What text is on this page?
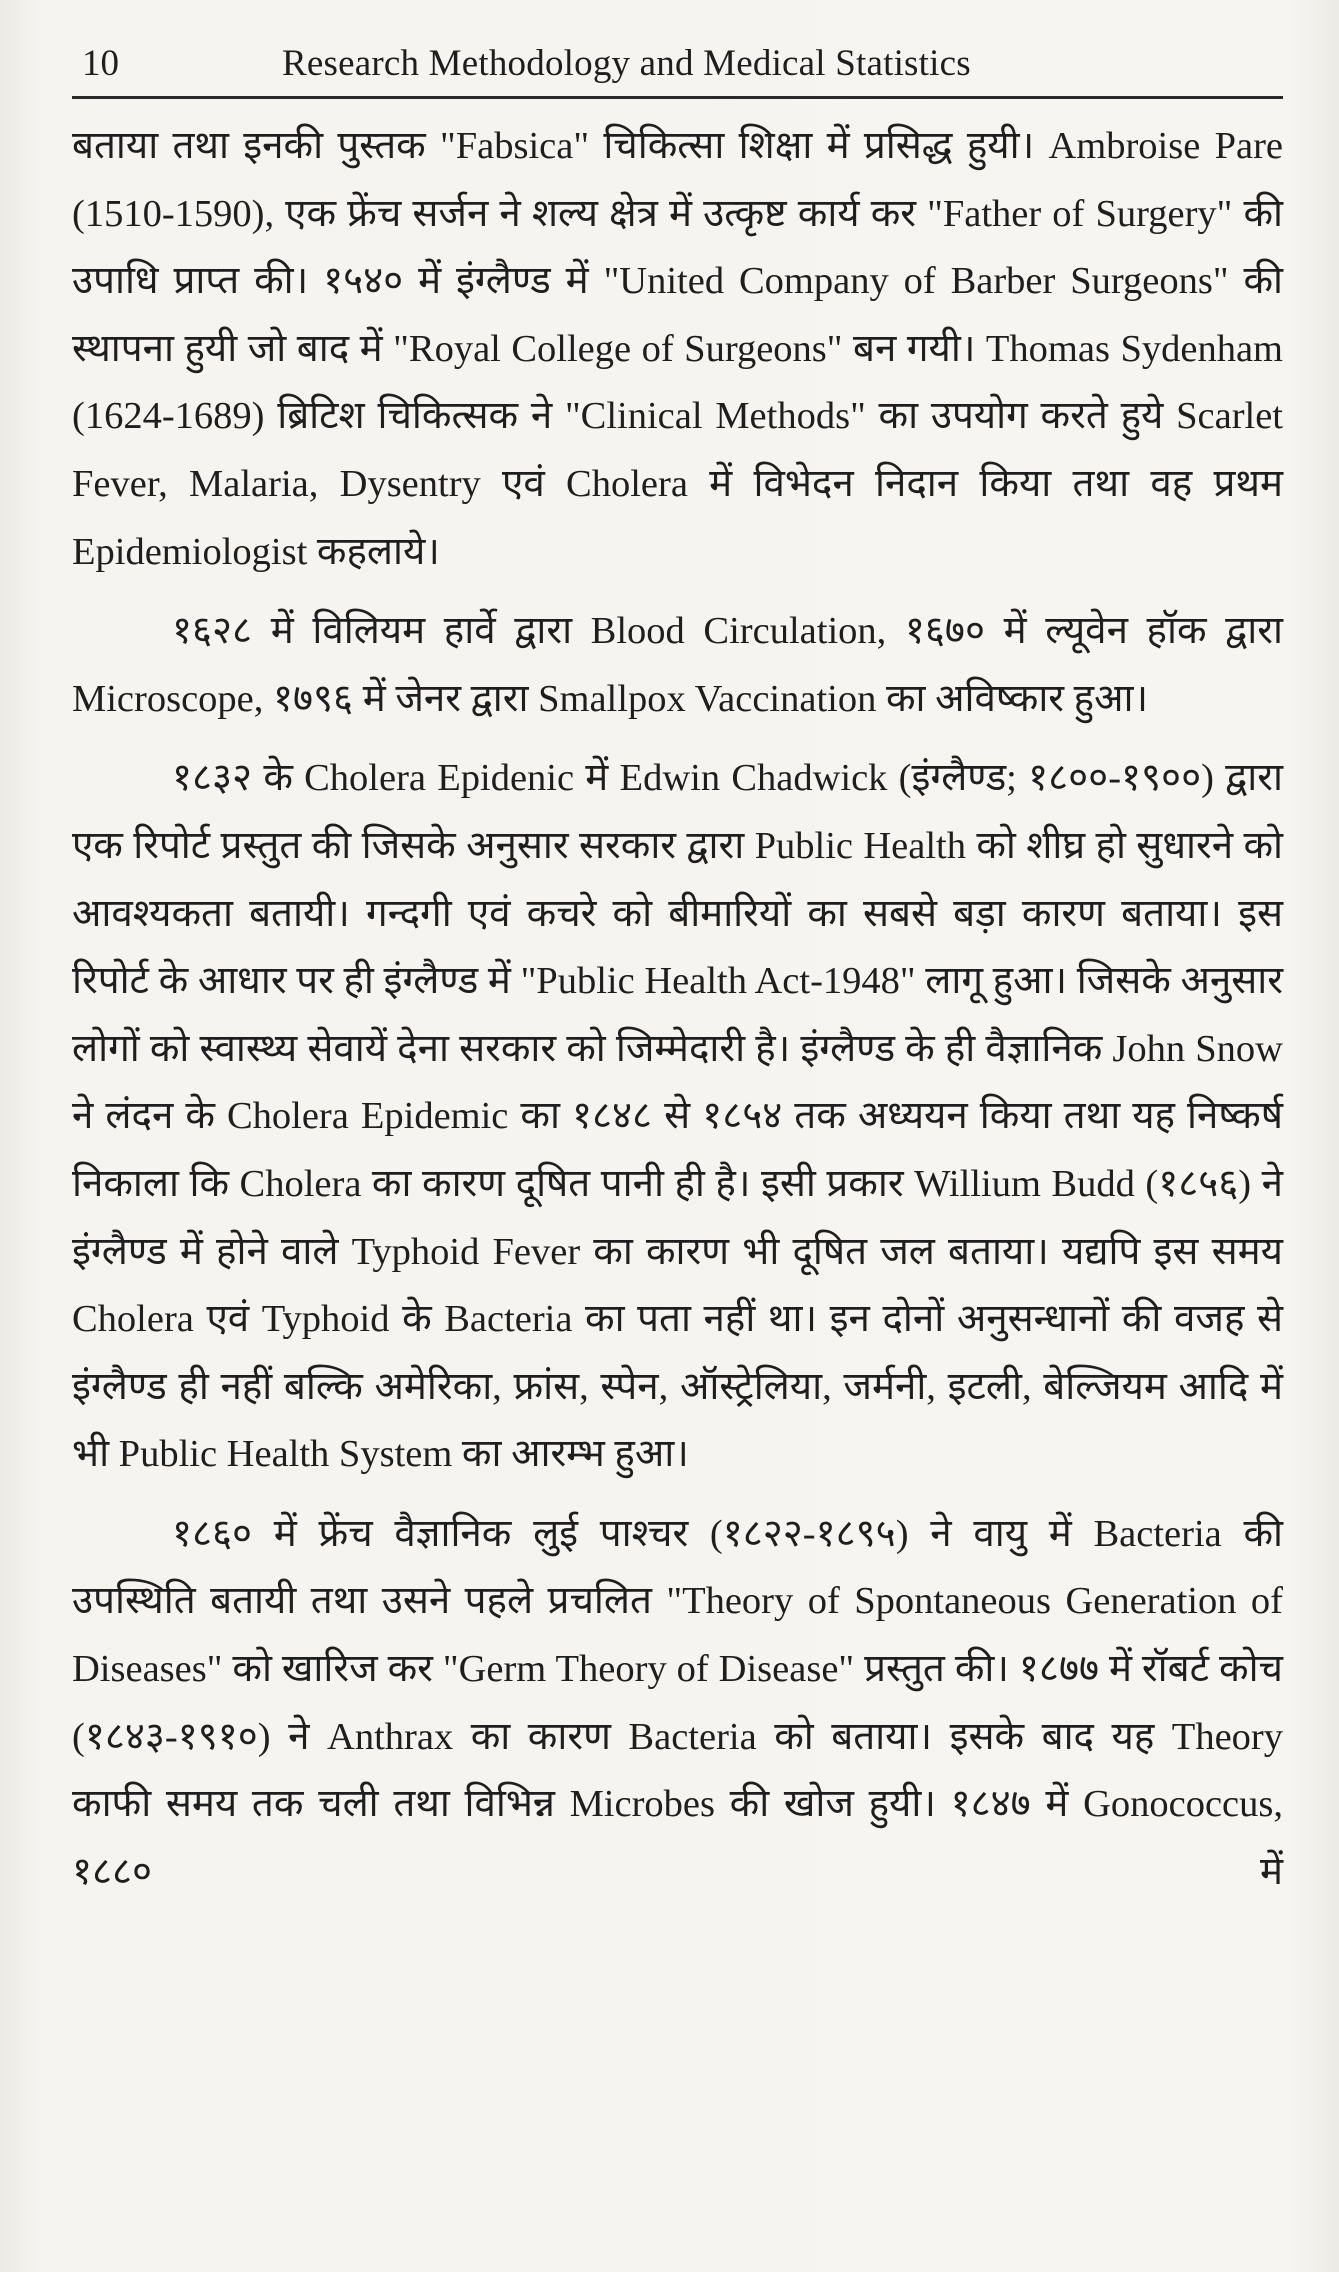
10	Research Methodology and Medical Statistics

बताया तथा इनकी पुस्तक "Fabsica" चिकित्सा शिक्षा में प्रसिद्ध हुयी। Ambroise Pare (1510-1590), एक फ्रेंच सर्जन ने शल्य क्षेत्र में उत्कृष्ट कार्य कर "Father of Surgery" की उपाधि प्राप्त की। १५४० में इंग्लैण्ड में "United Company of Barber Surgeons" की स्थापना हुयी जो बाद में "Royal College of Surgeons" बन गयी। Thomas Sydenham (1624-1689) ब्रिटिश चिकित्सक ने "Clinical Methods" का उपयोग करते हुये Scarlet Fever, Malaria, Dysentry एवं Cholera में विभेदन निदान किया तथा वह प्रथम Epidemiologist कहलाये।

१६२८ में विलियम हार्वे द्वारा Blood Circulation, १६७० में ल्यूवेन हॉक द्वारा Microscope, १७९६ में जेनर द्वारा Smallpox Vaccination का अविष्कार हुआ।

१८३२ के Cholera Epidenic में Edwin Chadwick (इंग्लैण्ड; १८००-१९००) द्वारा एक रिपोर्ट प्रस्तुत की जिसके अनुसार सरकार द्वारा Public Health को शीघ्र हो सुधारने को आवश्यकता बतायी। गन्दगी एवं कचरे को बीमारियों का सबसे बड़ा कारण बताया। इस रिपोर्ट के आधार पर ही इंग्लैण्ड में "Public Health Act-1948" लागू हुआ। जिसके अनुसार लोगों को स्वास्थ्य सेवायें देना सरकार को जिम्मेदारी है। इंग्लैण्ड के ही वैज्ञानिक John Snow ने लंदन के Cholera Epidemic का १८४८ से १८५४ तक अध्ययन किया तथा यह निष्कर्ष निकाला कि Cholera का कारण दूषित पानी ही है। इसी प्रकार Willium Budd (१८५६) ने इंग्लैण्ड में होने वाले Typhoid Fever का कारण भी दूषित जल बताया। यद्यपि इस समय Cholera एवं Typhoid के Bacteria का पता नहीं था। इन दोनों अनुसन्धानों की वजह से इंग्लैण्ड ही नहीं बल्कि अमेरिका, फ्रांस, स्पेन, ऑस्ट्रेलिया, जर्मनी, इटली, बेल्जियम आदि में भी Public Health System का आरम्भ हुआ।

१८६० में फ्रेंच वैज्ञानिक लुई पाश्चर (१८२२-१८९५) ने वायु में Bacteria की उपस्थिति बतायी तथा उसने पहले प्रचलित "Theory of Spontaneous Generation of Diseases" को खारिज कर "Germ Theory of Disease" प्रस्तुत की। १८७७ में रॉबर्ट कोच (१८४३-१९१०) ने Anthrax का कारण Bacteria को बताया। इसके बाद यह Theory काफी समय तक चली तथा विभिन्न Microbes की खोज हुयी। १८४७ में Gonococcus, १८८० में
